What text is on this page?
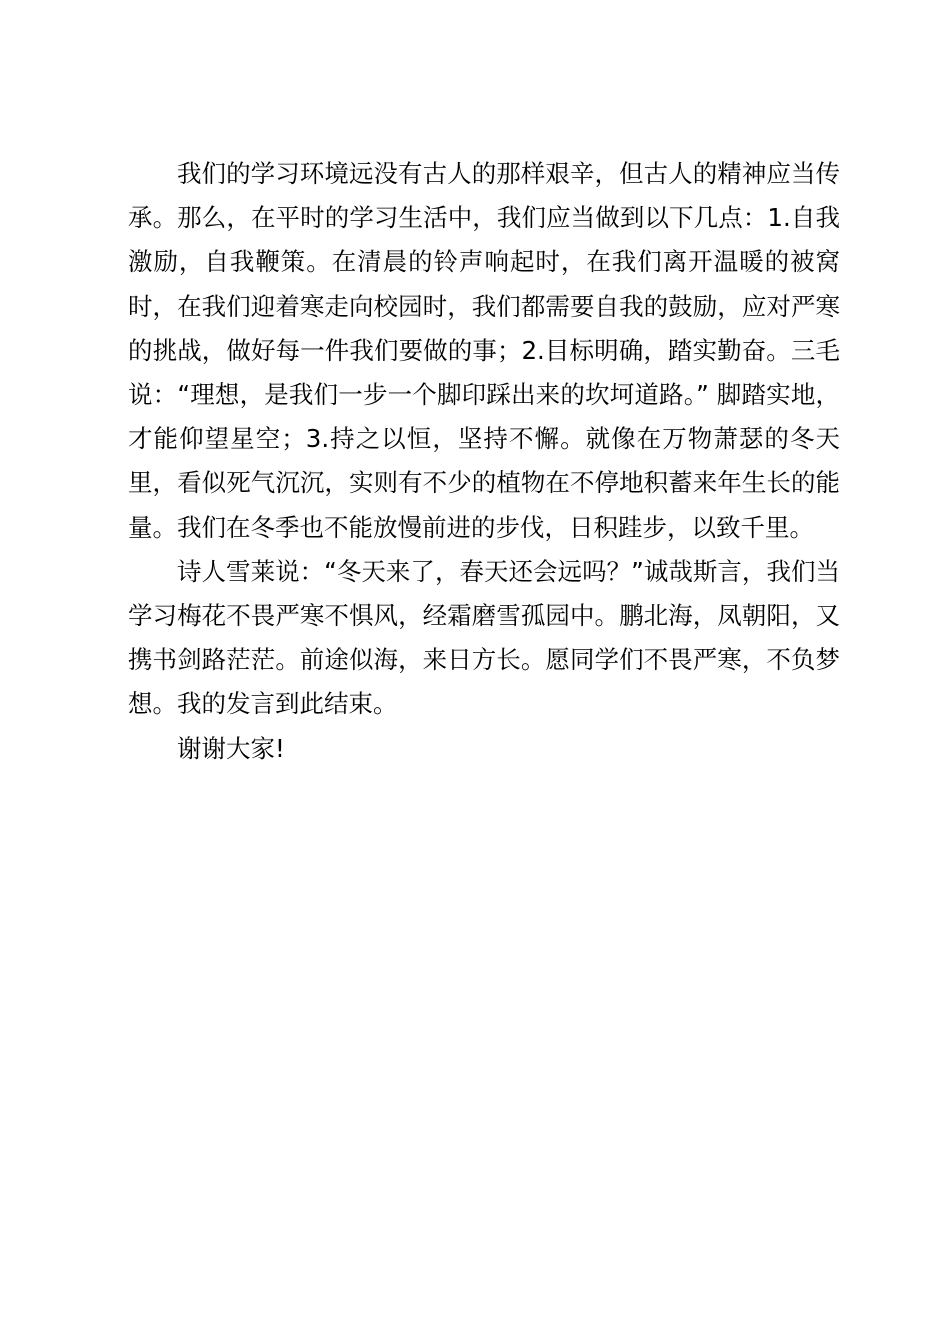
我们的学习环境远没有古人的那样艰辛，但古人的精神应当传承。那么，在平时的学习生活中，我们应当做到以下几点：1.自我激励，自我鞭策。在清晨的铃声响起时，在我们离开温暖的被窝时，在我们迎着寒走向校园时，我们都需要自我的鼓励，应对严寒的挑战，做好每一件我们要做的事；2.目标明确，踏实勤奋。三毛说：“理想，是我们一步一个脚印踩出来的坎坷道路。” 脚踏实地，才能仰望星空；3.持之以恒，坚持不懈。就像在万物萧瑟的冬天里，看似死气沉沉，实则有不少的植物在不停地积蓄来年生长的能量。我们在冬季也不能放慢前进的步伐，日积跬步，以致千里。

诗人雪莱说：“冬天来了，春天还会远吗？”诚哉斯言，我们当学习梅花不畏严寒不惧风，经霜磨雪孤园中。鹏北海，凤朝阳，又携书剑路茫茫。前途似海，来日方长。愿同学们不畏严寒，不负梦想。我的发言到此结束。

谢谢大家!
